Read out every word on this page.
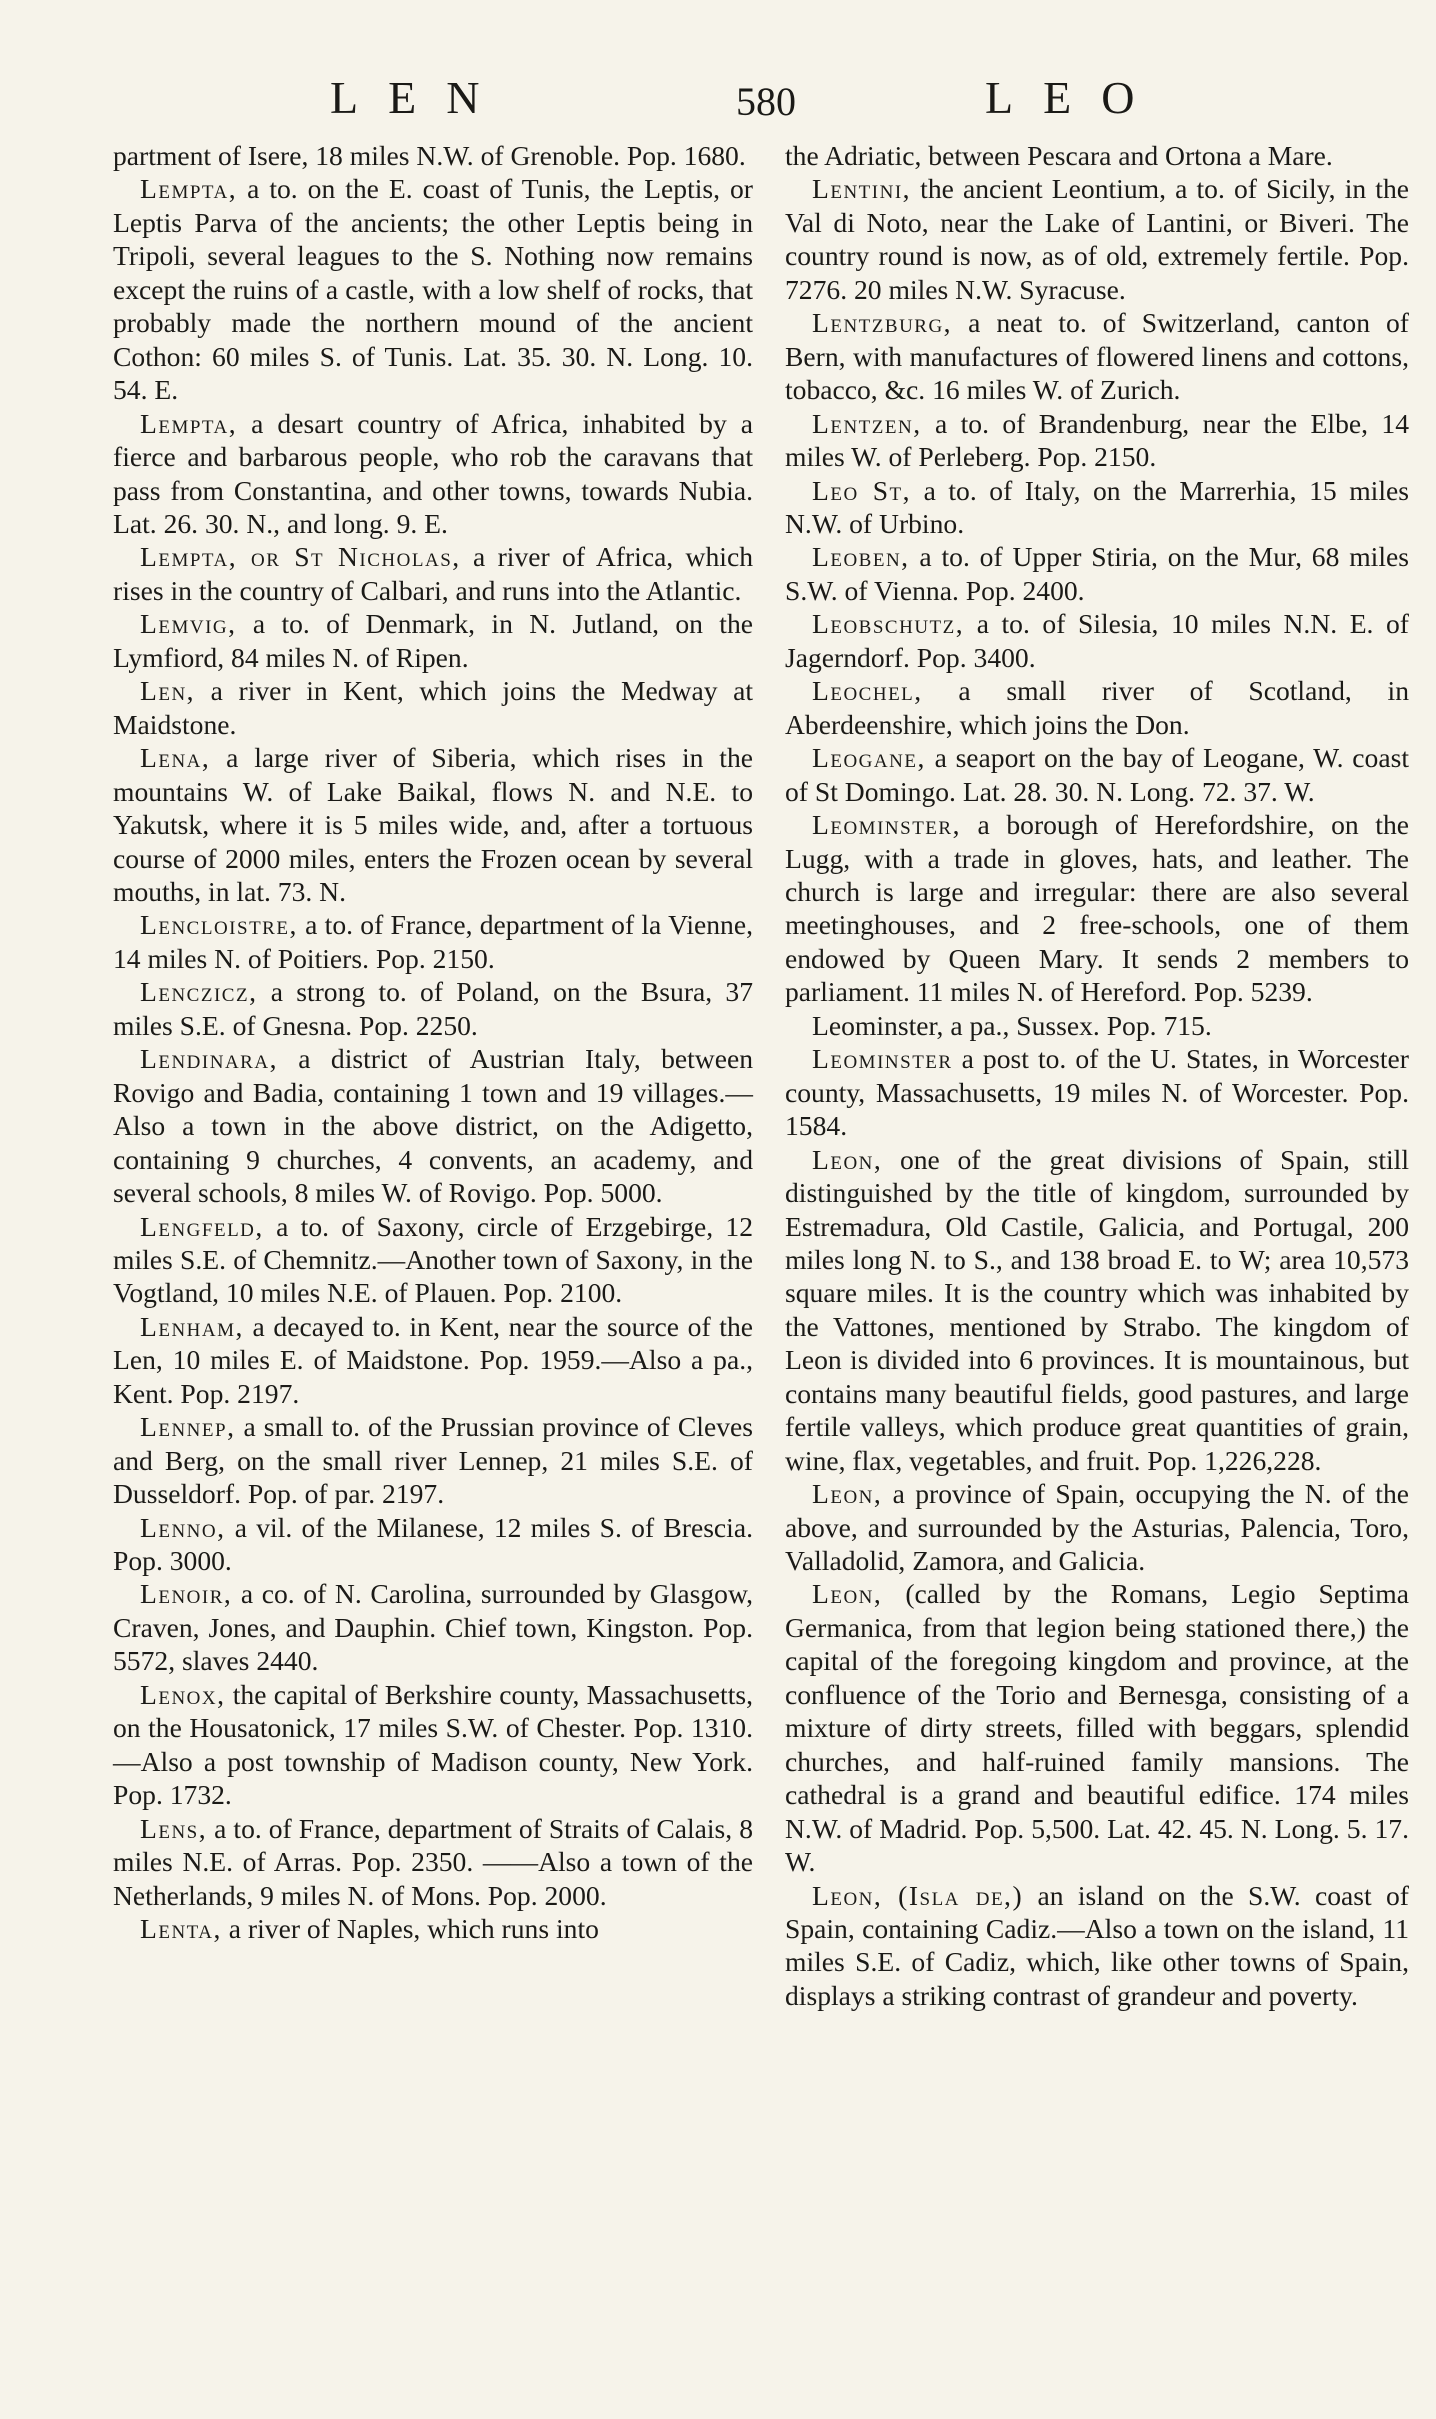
LEN	580	LEO

partment of Isere, 18 miles N.W. of Grenoble. Pop. 1680.

Lempta, a to. on the E. coast of Tunis, the Leptis, or Leptis Parva of the ancients; the other Leptis being in Tripoli, several leagues to the S. Nothing now remains except the ruins of a castle, with a low shelf of rocks, that probably made the northern mound of the ancient Cothon: 60 miles S. of Tunis. Lat. 35. 30. N. Long. 10. 54. E.

Lempta, a desart country of Africa, inhabited by a fierce and barbarous people, who rob the caravans that pass from Constantina, and other towns, towards Nubia. Lat. 26. 30. N., and long. 9. E.

Lempta, or St Nicholas, a river of Africa, which rises in the country of Calbari, and runs into the Atlantic.

Lemvig, a to. of Denmark, in N. Jutland, on the Lymfiord, 84 miles N. of Ripen.

Len, a river in Kent, which joins the Medway at Maidstone.

Lena, a large river of Siberia, which rises in the mountains W. of Lake Baikal, flows N. and N.E. to Yakutsk, where it is 5 miles wide, and, after a tortuous course of 2000 miles, enters the Frozen ocean by several mouths, in lat. 73. N.

Lencloistre, a to. of France, department of la Vienne, 14 miles N. of Poitiers. Pop. 2150.

Lenczicz, a strong to. of Poland, on the Bsura, 37 miles S.E. of Gnesna. Pop. 2250.

Lendinara, a district of Austrian Italy, between Rovigo and Badia, containing 1 town and 19 villages.—Also a town in the above district, on the Adigetto, containing 9 churches, 4 convents, an academy, and several schools, 8 miles W. of Rovigo. Pop. 5000.

Lengfeld, a to. of Saxony, circle of Erzgebirge, 12 miles S.E. of Chemnitz.—Another town of Saxony, in the Vogtland, 10 miles N.E. of Plauen. Pop. 2100.

Lenham, a decayed to. in Kent, near the source of the Len, 10 miles E. of Maidstone. Pop. 1959.—Also a pa., Kent. Pop. 2197.

Lennep, a small to. of the Prussian province of Cleves and Berg, on the small river Lennep, 21 miles S.E. of Dusseldorf. Pop. of par. 2197.

Lenno, a vil. of the Milanese, 12 miles S. of Brescia. Pop. 3000.

Lenoir, a co. of N. Carolina, surrounded by Glasgow, Craven, Jones, and Dauphin. Chief town, Kingston. Pop. 5572, slaves 2440.

Lenox, the capital of Berkshire county, Massachusetts, on the Housatonick, 17 miles S.W. of Chester. Pop. 1310.—Also a post township of Madison county, New York. Pop. 1732.

Lens, a to. of France, department of Straits of Calais, 8 miles N.E. of Arras. Pop. 2350. ——Also a town of the Netherlands, 9 miles N. of Mons. Pop. 2000.

Lenta, a river of Naples, which runs into

the Adriatic, between Pescara and Ortona a Mare.

Lentini, the ancient Leontium, a to. of Sicily, in the Val di Noto, near the Lake of Lantini, or Biveri. The country round is now, as of old, extremely fertile. Pop. 7276. 20 miles N.W. Syracuse.

Lentzburg, a neat to. of Switzerland, canton of Bern, with manufactures of flowered linens and cottons, tobacco, &c. 16 miles W. of Zurich.

Lentzen, a to. of Brandenburg, near the Elbe, 14 miles W. of Perleberg. Pop. 2150.

Leo St, a to. of Italy, on the Marrerhia, 15 miles N.W. of Urbino.

Leoben, a to. of Upper Stiria, on the Mur, 68 miles S.W. of Vienna. Pop. 2400.

Leobschutz, a to. of Silesia, 10 miles N.N. E. of Jagerndorf. Pop. 3400.

Leochel, a small river of Scotland, in Aberdeenshire, which joins the Don.

Leogane, a seaport on the bay of Leogane, W. coast of St Domingo. Lat. 28. 30. N. Long. 72. 37. W.

Leominster, a borough of Herefordshire, on the Lugg, with a trade in gloves, hats, and leather. The church is large and irregular: there are also several meetinghouses, and 2 free-schools, one of them endowed by Queen Mary. It sends 2 members to parliament. 11 miles N. of Hereford. Pop. 5239.

Leominster, a pa., Sussex. Pop. 715.

Leominster a post to. of the U. States, in Worcester county, Massachusetts, 19 miles N. of Worcester. Pop. 1584.

Leon, one of the great divisions of Spain, still distinguished by the title of kingdom, surrounded by Estremadura, Old Castile, Galicia, and Portugal, 200 miles long N. to S., and 138 broad E. to W; area 10,573 square miles. It is the country which was inhabited by the Vattones, mentioned by Strabo. The kingdom of Leon is divided into 6 provinces. It is mountainous, but contains many beautiful fields, good pastures, and large fertile valleys, which produce great quantities of grain, wine, flax, vegetables, and fruit. Pop. 1,226,228.

Leon, a province of Spain, occupying the N. of the above, and surrounded by the Asturias, Palencia, Toro, Valladolid, Zamora, and Galicia.

Leon, (called by the Romans, Legio Septima Germanica, from that legion being stationed there,) the capital of the foregoing kingdom and province, at the confluence of the Torio and Bernesga, consisting of a mixture of dirty streets, filled with beggars, splendid churches, and half-ruined family mansions. The cathedral is a grand and beautiful edifice. 174 miles N.W. of Madrid. Pop. 5,500. Lat. 42. 45. N. Long. 5. 17. W.

Leon, (Isla de,) an island on the S.W. coast of Spain, containing Cadiz.—Also a town on the island, 11 miles S.E. of Cadiz, which, like other towns of Spain, displays a striking contrast of grandeur and poverty.
